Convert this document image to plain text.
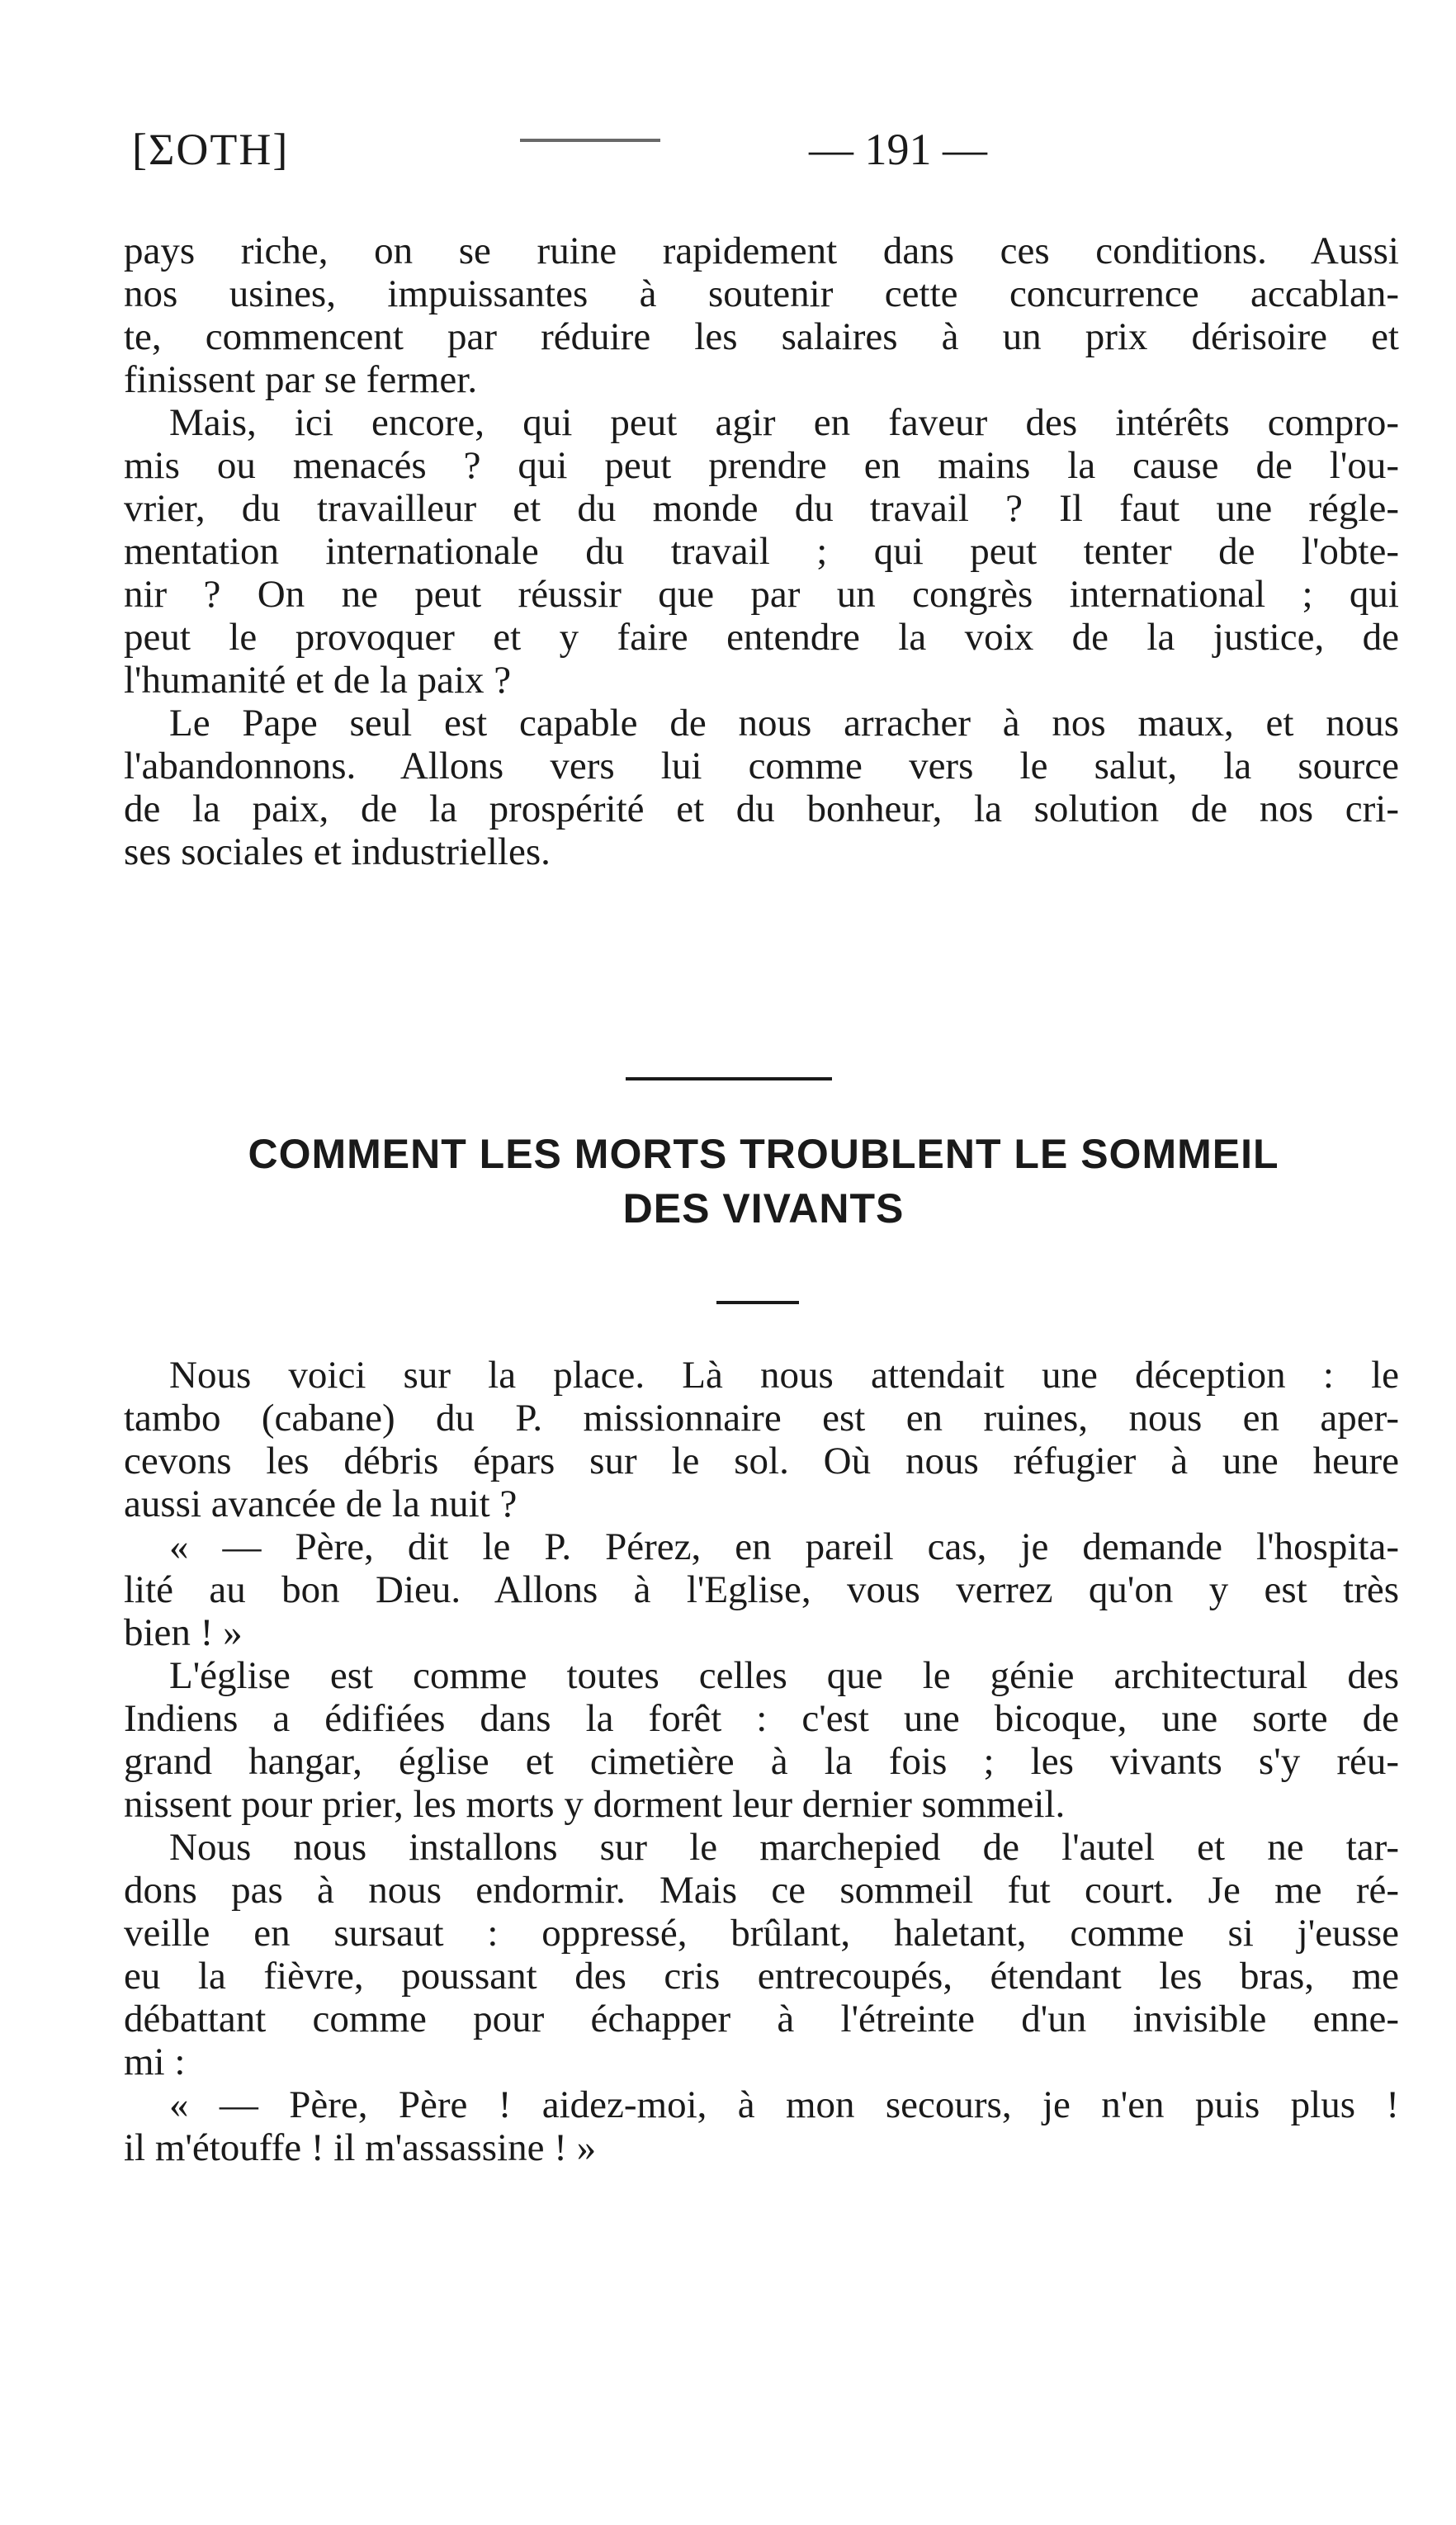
[ΣΟΤΗ]	— 191 —
pays riche, on se ruine rapidement dans ces conditions. Aussi
nos usines, impuissantes à soutenir cette concurrence accablan-
te, commencent par réduire les salaires à un prix dérisoire et
finissent par se fermer.
Mais, ici encore, qui peut agir en faveur des intérêts compro-
mis ou menacés ? qui peut prendre en mains la cause de l'ou-
vrier, du travailleur et du monde du travail ? Il faut une régle-
mentation internationale du travail ; qui peut tenter de l'obte-
nir ? On ne peut réussir que par un congrès international ; qui
peut le provoquer et y faire entendre la voix de la justice, de
l'humanité et de la paix ?
Le Pape seul est capable de nous arracher à nos maux, et nous
l'abandonnons. Allons vers lui comme vers le salut, la source
de la paix, de la prospérité et du bonheur, la solution de nos cri-
ses sociales et industrielles.
COMMENT LES MORTS TROUBLENT LE SOMMEIL
DES VIVANTS
Nous voici sur la place. Là nous attendait une déception : le
tambo (cabane) du P. missionnaire est en ruines, nous en aper-
cevons les débris épars sur le sol. Où nous réfugier à une heure
aussi avancée de la nuit ?
« — Père, dit le P. Pérez, en pareil cas, je demande l'hospita-
lité au bon Dieu. Allons à l'Eglise, vous verrez qu'on y est très
bien ! »
L'église est comme toutes celles que le génie architectural des
Indiens a édifiées dans la forêt : c'est une bicoque, une sorte de
grand hangar, église et cimetière à la fois ; les vivants s'y réu-
nissent pour prier, les morts y dorment leur dernier sommeil.
Nous nous installons sur le marchepied de l'autel et ne tar-
dons pas à nous endormir. Mais ce sommeil fut court. Je me ré-
veille en sursaut : oppressé, brûlant, haletant, comme si j'eusse
eu la fièvre, poussant des cris entrecoupés, étendant les bras, me
débattant comme pour échapper à l'étreinte d'un invisible enne-
mi :
« — Père, Père ! aidez-moi, à mon secours, je n'en puis plus !
il m'étouffe ! il m'assassine ! »
